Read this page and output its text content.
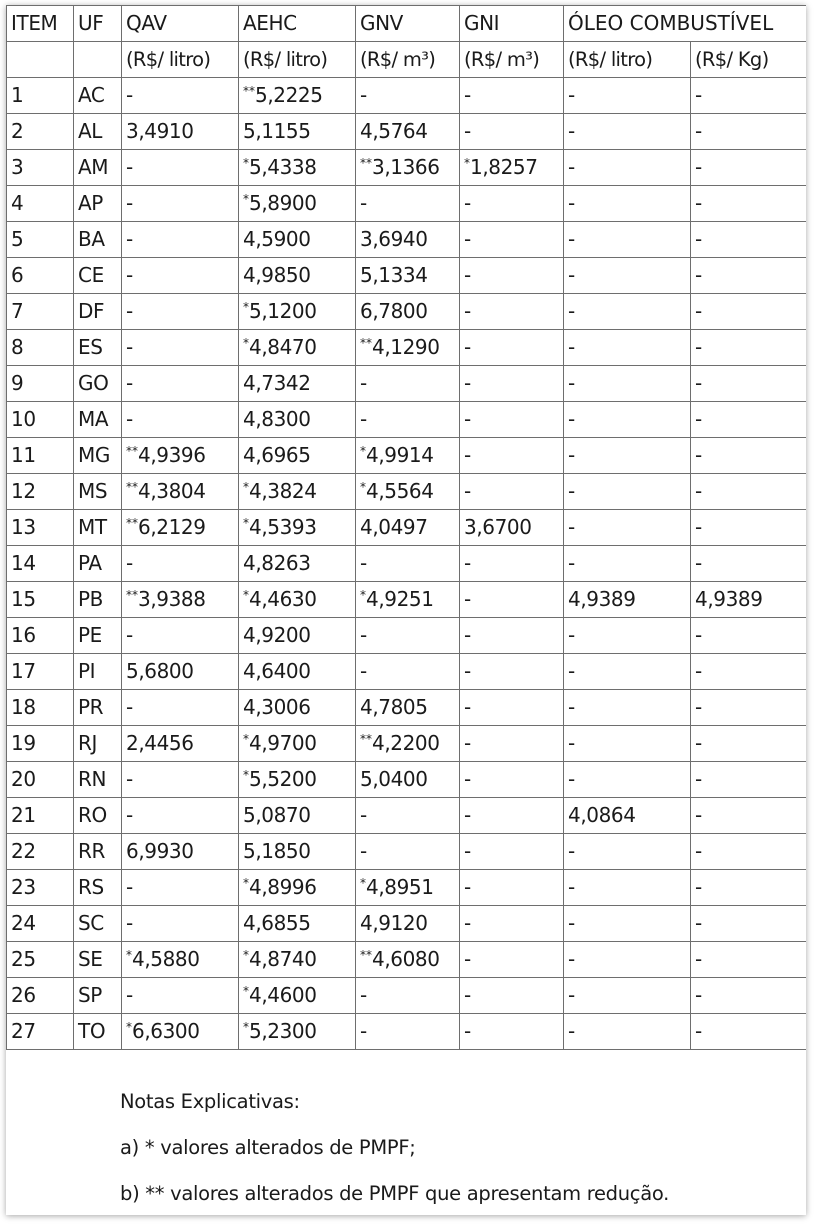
ITEM	UF	QAV	AEHC	GNV	GNI	ÓLEO COMBUSTÍVEL	
		(R$/ litro)	(R$/ litro)	(R$/ m³)	(R$/ m³)	(R$/ litro)	(R$/ Kg)
1	AC	-	**5,2225	-	-	-	-
2	AL	3,4910	5,1155	4,5764	-	-	-
3	AM	-	*5,4338	**3,1366	*1,8257	-	-
4	AP	-	*5,8900	-	-	-	-
5	BA	-	4,5900	3,6940	-	-	-
6	CE	-	4,9850	5,1334	-	-	-
7	DF	-	*5,1200	6,7800	-	-	-
8	ES	-	*4,8470	**4,1290	-	-	-
9	GO	-	4,7342	-	-	-	-
10	MA	-	4,8300	-	-	-	-
11	MG	**4,9396	4,6965	*4,9914	-	-	-
12	MS	**4,3804	*4,3824	*4,5564	-	-	-
13	MT	**6,2129	*4,5393	4,0497	3,6700	-	-
14	PA	-	4,8263	-	-	-	-
15	PB	**3,9388	*4,4630	*4,9251	-	4,9389	4,9389
16	PE	-	4,9200	-	-	-	-
17	PI	5,6800	4,6400	-	-	-	-
18	PR	-	4,3006	4,7805	-	-	-
19	RJ	2,4456	*4,9700	**4,2200	-	-	-
20	RN	-	*5,5200	5,0400	-	-	-
21	RO	-	5,0870	-	-	4,0864	-
22	RR	6,9930	5,1850	-	-	-	-
23	RS	-	*4,8996	*4,8951	-	-	-
24	SC	-	4,6855	4,9120	-	-	-
25	SE	*4,5880	*4,8740	**4,6080	-	-	-
26	SP	-	*4,4600	-	-	-	-
27	TO	*6,6300	*5,2300	-	-	-	-
Notas Explicativas:
a) * valores alterados de PMPF;
b) ** valores alterados de PMPF que apresentam redução.
